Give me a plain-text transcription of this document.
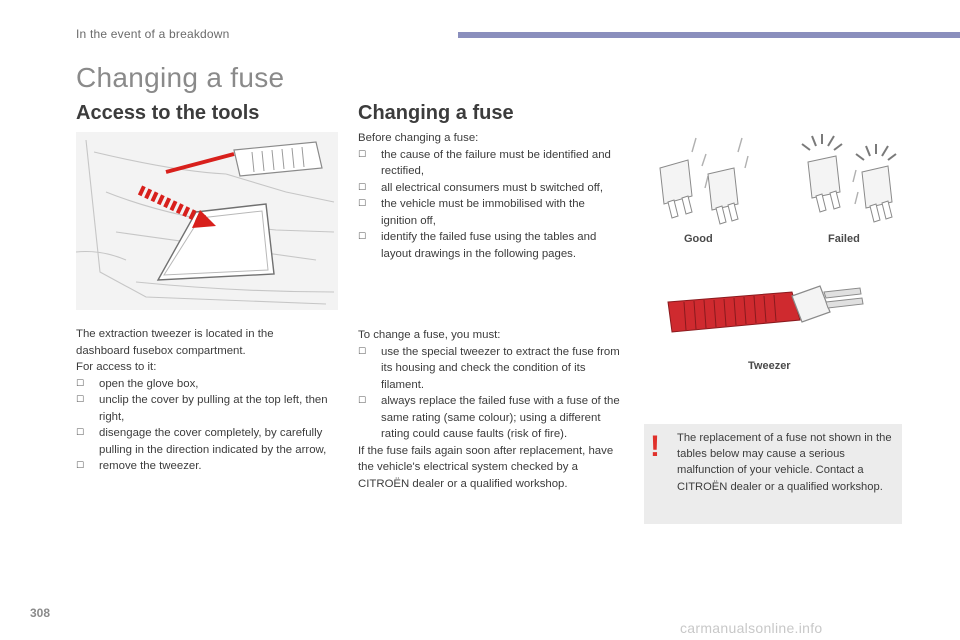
In the event of a breakdown
Changing a fuse
Access to the tools

The extraction tweezer is located in the

dashboard fusebox compartment.

For access to it:

☐ open the glove box,
☐ unclip the cover by pulling at the top left, then right,
☐ disengage the cover completely, by carefully pulling in the direction indicated by the arrow,
☐ remove the tweezer.
Changing a fuse

Before changing a fuse:

☐ the cause of the failure must be identified and rectified,
☐ all electrical consumers must b switched off,
☐ the vehicle must be immobilised with the ignition off,
☐ identify the failed fuse using the tables and layout drawings in the following pages.

To change a fuse, you must:

☐ use the special tweezer to extract the fuse from its housing and check the condition of its filament.
☐ always replace the failed fuse with a fuse of the same rating (same colour); using a different rating could cause faults (risk of fire).

If the fuse fails again soon after replacement, have the vehicle's electrical system checked by a CITROËN dealer or a qualified workshop.

Good	Failed
Tweezer
! The replacement of a fuse not shown in the tables below may cause a serious malfunction of your vehicle. Contact a CITROËN dealer or a qualified workshop.
308
carmanualsonline.info
